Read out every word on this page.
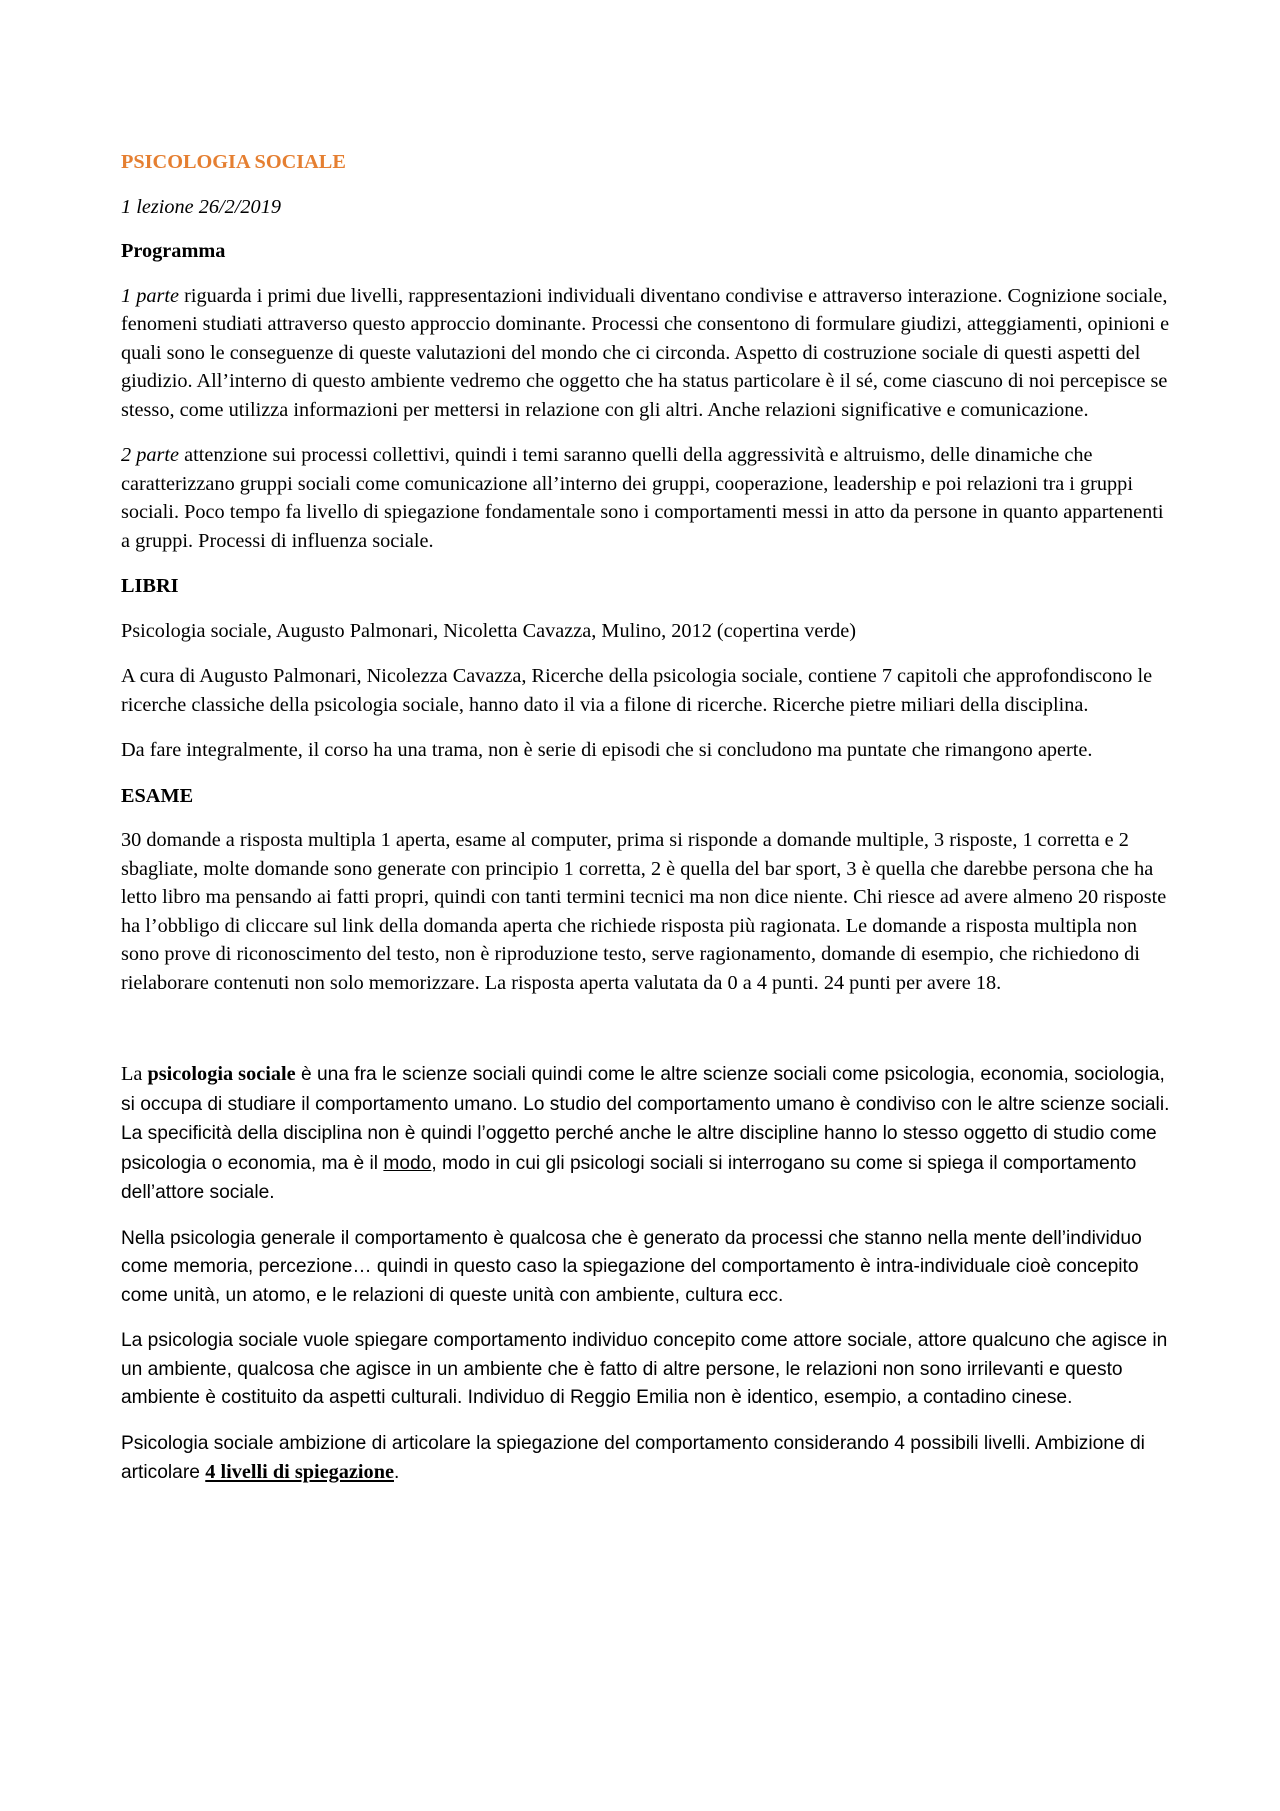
PSICOLOGIA SOCIALE

1 lezione 26/2/2019

Programma

1 parte riguarda i primi due livelli, rappresentazioni individuali diventano condivise e attraverso interazione. Cognizione sociale, fenomeni studiati attraverso questo approccio dominante. Processi che consentono di formulare giudizi, atteggiamenti, opinioni e quali sono le conseguenze di queste valutazioni del mondo che ci circonda. Aspetto di costruzione sociale di questi aspetti del giudizio. All’interno di questo ambiente vedremo che oggetto che ha status particolare è il sé, come ciascuno di noi percepisce se stesso, come utilizza informazioni per mettersi in relazione con gli altri. Anche relazioni significative e comunicazione.

2 parte attenzione sui processi collettivi, quindi i temi saranno quelli della aggressività e altruismo, delle dinamiche che caratterizzano gruppi sociali come comunicazione all’interno dei gruppi, cooperazione, leadership e poi relazioni tra i gruppi sociali. Poco tempo fa livello di spiegazione fondamentale sono i comportamenti messi in atto da persone in quanto appartenenti a gruppi. Processi di influenza sociale.

LIBRI

Psicologia sociale, Augusto Palmonari, Nicoletta Cavazza, Mulino, 2012 (copertina verde)

A cura di Augusto Palmonari, Nicolezza Cavazza, Ricerche della psicologia sociale, contiene 7 capitoli che approfondiscono le ricerche classiche della psicologia sociale, hanno dato il via a filone di ricerche. Ricerche pietre miliari della disciplina.

Da fare integralmente, il corso ha una trama, non è serie di episodi che si concludono ma puntate che rimangono aperte.

ESAME

30 domande a risposta multipla 1 aperta, esame al computer, prima si risponde a domande multiple, 3 risposte, 1 corretta e 2 sbagliate, molte domande sono generate con principio 1 corretta, 2 è quella del bar sport, 3 è quella che darebbe persona che ha letto libro ma pensando ai fatti propri, quindi con tanti termini tecnici ma non dice niente. Chi riesce ad avere almeno 20 risposte ha l’obbligo di cliccare sul link della domanda aperta che richiede risposta più ragionata. Le domande a risposta multipla non sono prove di riconoscimento del testo, non è riproduzione testo, serve ragionamento, domande di esempio, che richiedono di rielaborare contenuti non solo memorizzare. La risposta aperta valutata da 0 a 4 punti. 24 punti per avere 18.

La psicologia sociale è una fra le scienze sociali quindi come le altre scienze sociali come psicologia, economia, sociologia, si occupa di studiare il comportamento umano. Lo studio del comportamento umano è condiviso con le altre scienze sociali. La specificità della disciplina non è quindi l’oggetto perché anche le altre discipline hanno lo stesso oggetto di studio come psicologia o economia, ma è il modo, modo in cui gli psicologi sociali si interrogano su come si spiega il comportamento dell’attore sociale.

Nella psicologia generale il comportamento è qualcosa che è generato da processi che stanno nella mente dell’individuo come memoria, percezione… quindi in questo caso la spiegazione del comportamento è intra-individuale cioè concepito come unità, un atomo, e le relazioni di queste unità con ambiente, cultura ecc.

La psicologia sociale vuole spiegare comportamento individuo concepito come attore sociale, attore qualcuno che agisce in un ambiente, qualcosa che agisce in un ambiente che è fatto di altre persone, le relazioni non sono irrilevanti e questo ambiente è costituito da aspetti culturali. Individuo di Reggio Emilia non è identico, esempio, a contadino cinese.

Psicologia sociale ambizione di articolare la spiegazione del comportamento considerando 4 possibili livelli. Ambizione di articolare 4 livelli di spiegazione.
